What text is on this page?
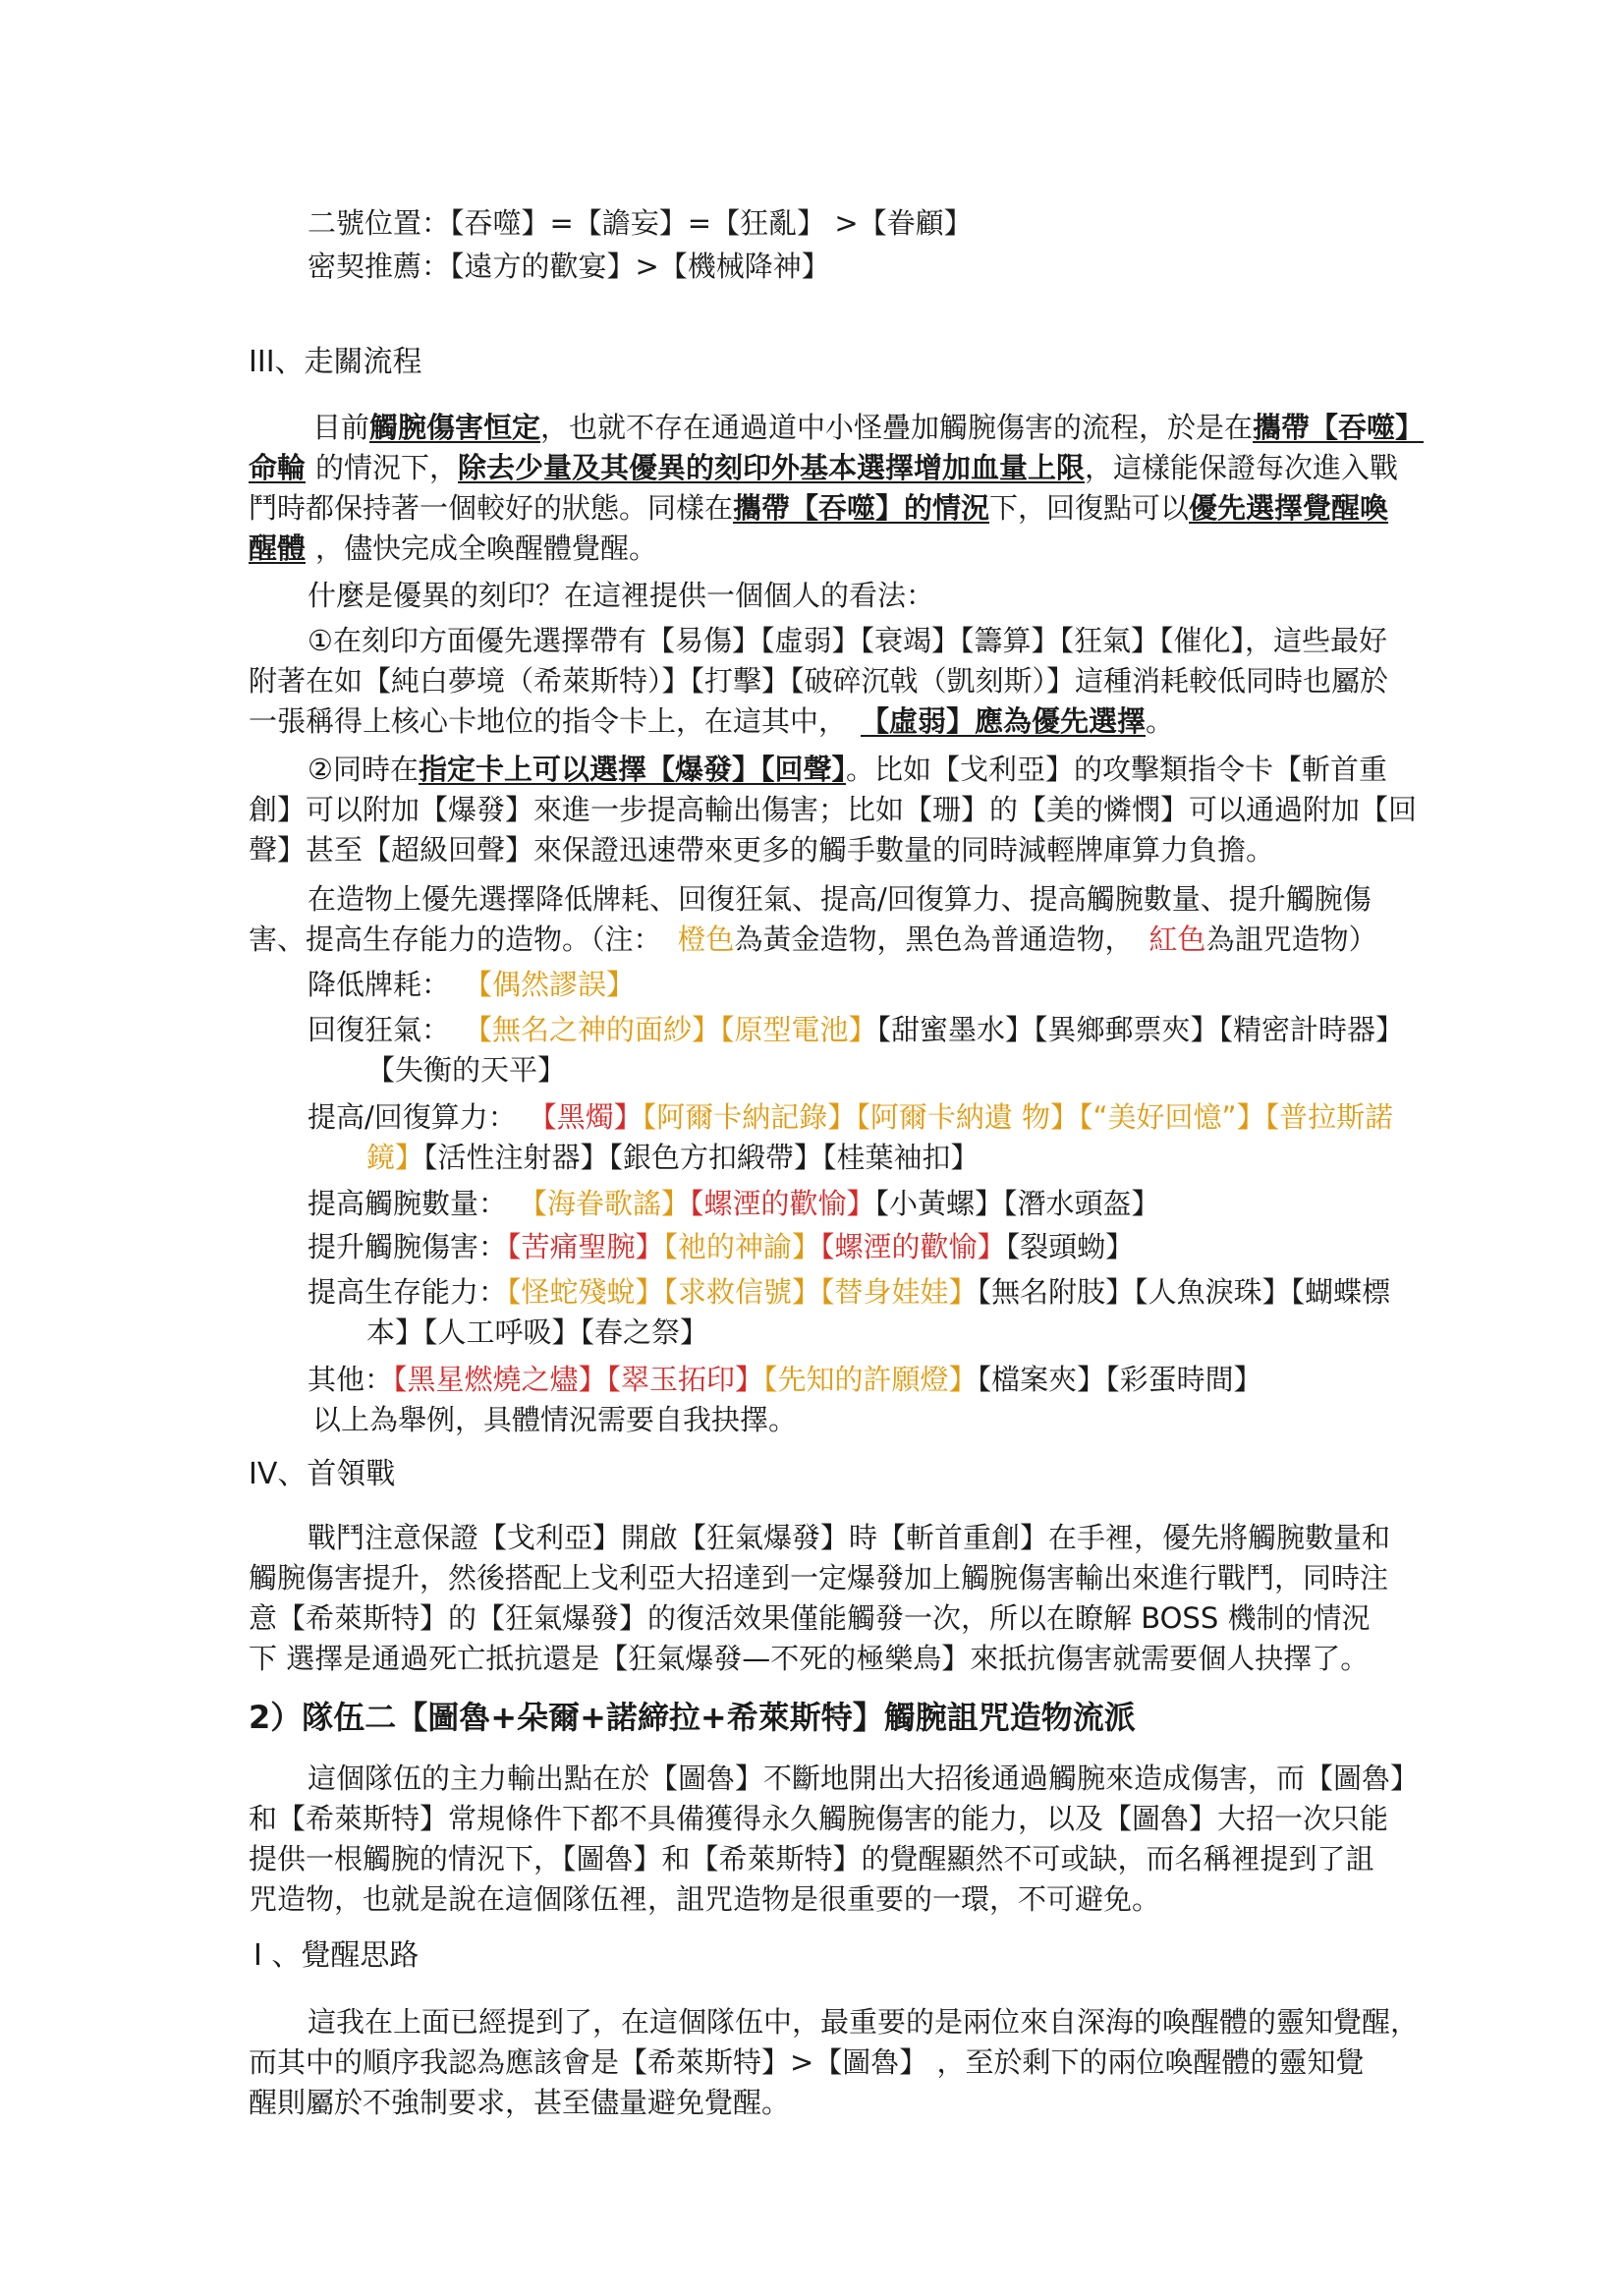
二號位置：【吞噬】=【譫妄】=【狂亂】 >【眷顧】
密契推薦：【遠方的歡宴】>【機械降神】
III、走關流程
目前觸腕傷害恒定，也就不存在通過道中小怪疊加觸腕傷害的流程，於是在攜帶【吞噬】
命輪 的情況下，除去少量及其優異的刻印外基本選擇增加血量上限，這樣能保證每次進入戰
鬥時都保持著一個較好的狀態。同樣在攜帶【吞噬】的情況下，回復點可以優先選擇覺醒喚
醒體 ，儘快完成全喚醒體覺醒。
什麼是優異的刻印？在這裡提供一個個人的看法：
①在刻印方面優先選擇帶有【易傷】【虛弱】【衰竭】【籌算】【狂氣】【催化】，這些最好
附著在如【純白夢境（希萊斯特）】【打擊】【破碎沉戟（凱刻斯）】這種消耗較低同時也屬於
一張稱得上核心卡地位的指令卡上，在這其中， 【虛弱】應為優先選擇。
②同時在指定卡上可以選擇【爆發】【回聲】。比如【戈利亞】的攻擊類指令卡【斬首重
創】可以附加【爆發】來進一步提高輸出傷害；比如【珊】的【美的憐憫】可以通過附加【回
聲】甚至【超級回聲】來保證迅速帶來更多的觸手數量的同時減輕牌庫算力負擔。
在造物上優先選擇降低牌耗、回復狂氣、提高/回復算力、提高觸腕數量、提升觸腕傷
害、提高生存能力的造物。（注： 橙色為黃金造物，黑色為普通造物， 紅色為詛咒造物）
降低牌耗： 【偶然謬誤】
回復狂氣： 【無名之神的面紗】【原型電池】【甜蜜墨水】【異鄉郵票夾】【精密計時器】
【失衡的天平】
提高/回復算力： 【黑燭】【阿爾卡納記錄】【阿爾卡納遺 物】【“美好回憶”】【普拉斯諾
鏡】【活性注射器】【銀色方扣緞帶】【桂葉袖扣】
提高觸腕數量： 【海眷歌謠】【螺湮的歡愉】【小黃螺】【潛水頭盔】
提升觸腕傷害：【苦痛聖腕】【祂的神諭】【螺湮的歡愉】【裂頭蚴】
提高生存能力：【怪蛇殘蛻】【求救信號】【替身娃娃】【無名附肢】【人魚淚珠】【蝴蝶標
本】【人工呼吸】【春之祭】
其他：【黑星燃燒之燼】【翠玉拓印】【先知的許願燈】【檔案夾】【彩蛋時間】
以上為舉例，具體情況需要自我抉擇。
IV、首領戰
戰鬥注意保證【戈利亞】開啟【狂氣爆發】時【斬首重創】在手裡，優先將觸腕數量和
觸腕傷害提升，然後搭配上戈利亞大招達到一定爆發加上觸腕傷害輸出來進行戰鬥，同時注
意【希萊斯特】的【狂氣爆發】的復活效果僅能觸發一次，所以在瞭解 BOSS 機制的情況
下 選擇是通過死亡抵抗還是【狂氣爆發—不死的極樂鳥】來抵抗傷害就需要個人抉擇了。
2）隊伍二【圖魯+朵爾+諾締拉+希萊斯特】觸腕詛咒造物流派
這個隊伍的主力輸出點在於【圖魯】不斷地開出大招後通過觸腕來造成傷害，而【圖魯】
和【希萊斯特】常規條件下都不具備獲得永久觸腕傷害的能力，以及【圖魯】大招一次只能
提供一根觸腕的情況下，【圖魯】和【希萊斯特】的覺醒顯然不可或缺，而名稱裡提到了詛
咒造物，也就是說在這個隊伍裡，詛咒造物是很重要的一環，不可避免。
Ⅰ 、覺醒思路
這我在上面已經提到了，在這個隊伍中，最重要的是兩位來自深海的喚醒體的靈知覺醒，
而其中的順序我認為應該會是【希萊斯特】>【圖魯】 ，至於剩下的兩位喚醒體的靈知覺
醒則屬於不強制要求，甚至儘量避免覺醒。
